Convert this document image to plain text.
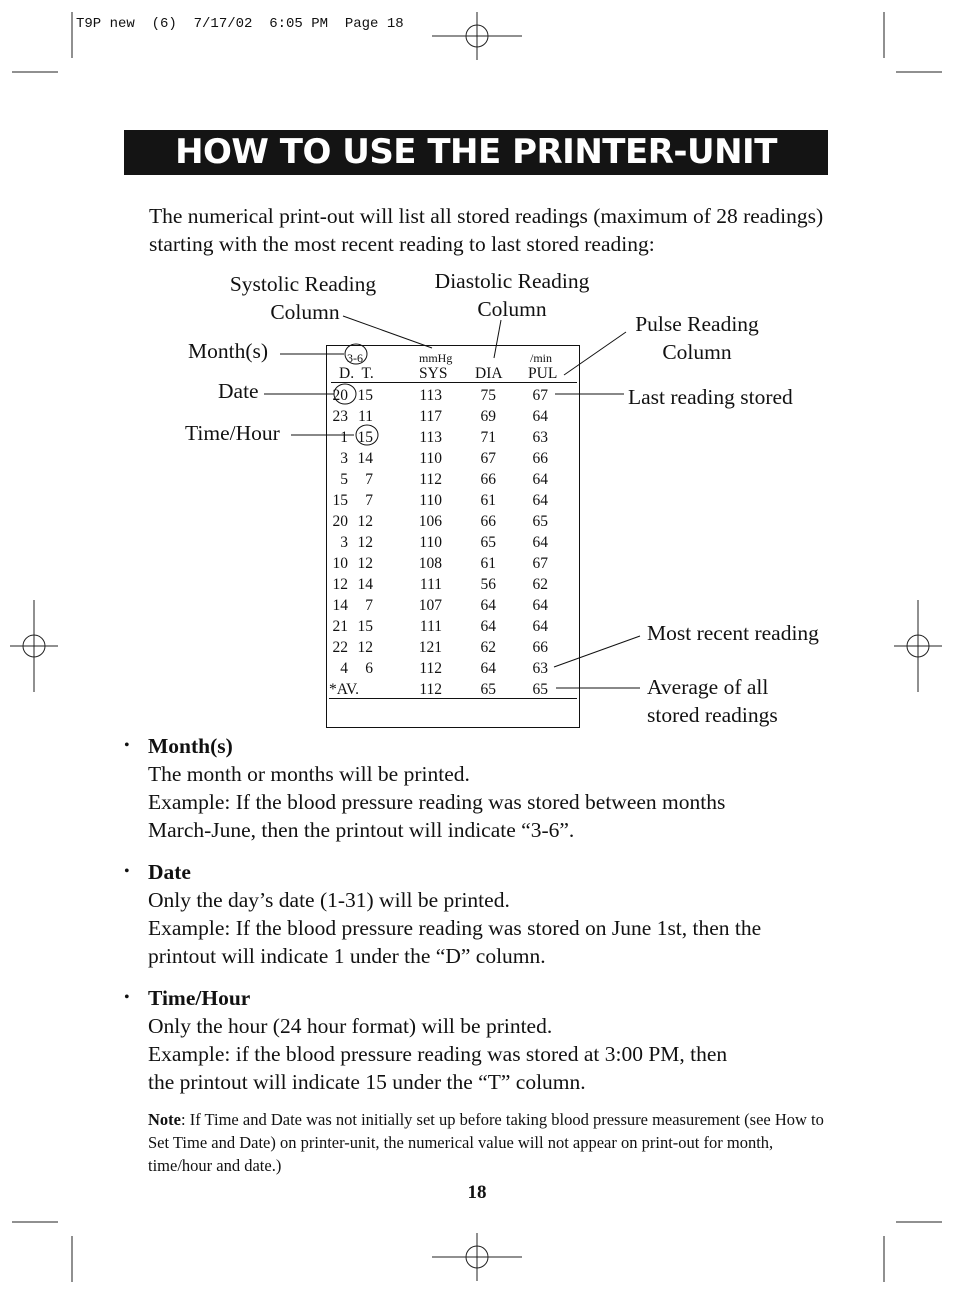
T9P new  (6)  7/17/02  6:05 PM  Page 18
HOW TO USE THE PRINTER-UNIT
The numerical print-out will list all stored readings (maximum of 28 readings) starting with the most recent reading to last stored reading:
Systolic Reading
Column
Diastolic Reading
Column
Pulse Reading
Column
Month(s)
Date
Time/Hour
Last reading stored
Most recent reading
Average of all
stored readings
3-6	mmHg	/min
D.  T.	SYS DIA PUL
20 15	113 75 67
23 11	117 69 64
1 15	113 71 63
3 14	110 67 66
5 7	112 66 64
15 7	110 61 64
20 12	106 66 65
3 12	110 65 64
10 12	108 61 67
12 14	111 56 62
14 7	107 64 64
21 15	111 64 64
22 12	121 62 66
4 6	112 64 63
*AV.	112 65 65
• Month(s)
The month or months will be printed.
Example: If the blood pressure reading was stored between months
March-June, then the printout will indicate “3-6”.
• Date
Only the day’s date (1-31) will be printed.
Example: If the blood pressure reading was stored on June 1st, then the
printout will indicate 1 under the “D” column.
• Time/Hour
Only the hour (24 hour format) will be printed.
Example: if the blood pressure reading was stored at 3:00 PM, then
the printout will indicate 15 under the “T” column.
Note: If Time and Date was not initially set up before taking blood pressure measurement (see How to Set Time and Date) on printer-unit, the numerical value will not appear on print-out for month, time/hour and date.)
18
